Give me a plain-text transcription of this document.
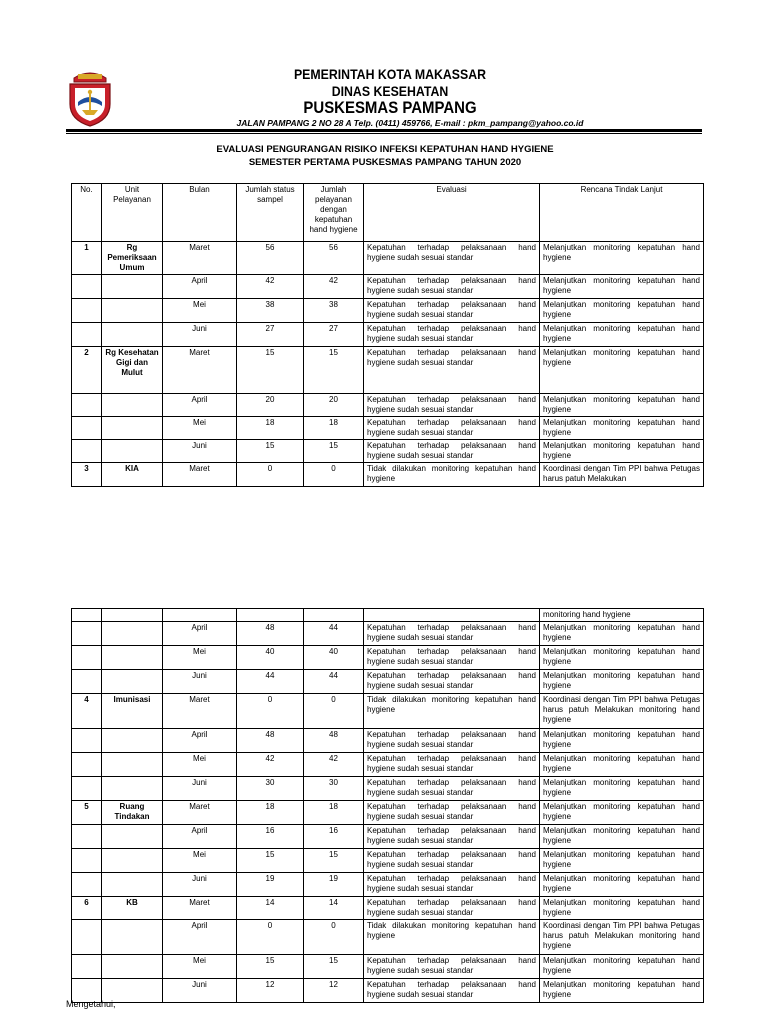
PEMERINTAH KOTA MAKASSAR
DINAS KESEHATAN
PUSKESMAS PAMPANG
JALAN PAMPANG 2 NO 28 A Telp. (0411) 459766, E-mail : pkm_pampang@yahoo.co.id
EVALUASI PENGURANGAN RISIKO INFEKSI KEPATUHAN HAND HYGIENE
SEMESTER PERTAMA PUSKESMAS PAMPANG TAHUN 2020
No.	Unit Pelayanan	Bulan	Jumlah status sampel	Jumlah pelayanan dengan kepatuhan hand hygiene	Evaluasi	Rencana Tindak Lanjut
1	Rg Pemeriksaan Umum	Maret	56	56	Kepatuhan terhadap pelaksanaan hand hygiene sudah sesuai standar	Melanjutkan monitoring kepatuhan hand hygiene
		April	42	42	Kepatuhan terhadap pelaksanaan hand hygiene sudah sesuai standar	Melanjutkan monitoring kepatuhan hand hygiene
		Mei	38	38	Kepatuhan terhadap pelaksanaan hand hygiene sudah sesuai standar	Melanjutkan monitoring kepatuhan hand hygiene
		Juni	27	27	Kepatuhan terhadap pelaksanaan hand hygiene sudah sesuai standar	Melanjutkan monitoring kepatuhan hand hygiene
2	Rg Kesehatan Gigi dan Mulut	Maret	15	15	Kepatuhan terhadap pelaksanaan hand hygiene sudah sesuai standar	Melanjutkan monitoring kepatuhan hand hygiene
		April	20	20	Kepatuhan terhadap pelaksanaan hand hygiene sudah sesuai standar	Melanjutkan monitoring kepatuhan hand hygiene
		Mei	18	18	Kepatuhan terhadap pelaksanaan hand hygiene sudah sesuai standar	Melanjutkan monitoring kepatuhan hand hygiene
		Juni	15	15	Kepatuhan terhadap pelaksanaan hand hygiene sudah sesuai standar	Melanjutkan monitoring kepatuhan hand hygiene
3	KIA	Maret	0	0	Tidak dilakukan monitoring kepatuhan hand hygiene	Koordinasi dengan Tim PPI bahwa Petugas harus patuh Melakukan
						monitoring hand hygiene
		April	48	44	Kepatuhan terhadap pelaksanaan hand hygiene sudah sesuai standar	Melanjutkan monitoring kepatuhan hand hygiene
		Mei	40	40	Kepatuhan terhadap pelaksanaan hand hygiene sudah sesuai standar	Melanjutkan monitoring kepatuhan hand hygiene
		Juni	44	44	Kepatuhan terhadap pelaksanaan hand hygiene sudah sesuai standar	Melanjutkan monitoring kepatuhan hand hygiene
4	Imunisasi	Maret	0	0	Tidak dilakukan monitoring kepatuhan hand hygiene	Koordinasi dengan Tim PPI bahwa Petugas harus patuh Melakukan monitoring hand hygiene
		April	48	48	Kepatuhan terhadap pelaksanaan hand hygiene sudah sesuai standar	Melanjutkan monitoring kepatuhan hand hygiene
		Mei	42	42	Kepatuhan terhadap pelaksanaan hand hygiene sudah sesuai standar	Melanjutkan monitoring kepatuhan hand hygiene
		Juni	30	30	Kepatuhan terhadap pelaksanaan hand hygiene sudah sesuai standar	Melanjutkan monitoring kepatuhan hand hygiene
5	Ruang Tindakan	Maret	18	18	Kepatuhan terhadap pelaksanaan hand hygiene sudah sesuai standar	Melanjutkan monitoring kepatuhan hand hygiene
		April	16	16	Kepatuhan terhadap pelaksanaan hand hygiene sudah sesuai standar	Melanjutkan monitoring kepatuhan hand hygiene
		Mei	15	15	Kepatuhan terhadap pelaksanaan hand hygiene sudah sesuai standar	Melanjutkan monitoring kepatuhan hand hygiene
		Juni	19	19	Kepatuhan terhadap pelaksanaan hand hygiene sudah sesuai standar	Melanjutkan monitoring kepatuhan hand hygiene
6	KB	Maret	14	14	Kepatuhan terhadap pelaksanaan hand hygiene sudah sesuai standar	Melanjutkan monitoring kepatuhan hand hygiene
		April	0	0	Tidak dilakukan monitoring kepatuhan hand hygiene	Koordinasi dengan Tim PPI bahwa Petugas harus patuh Melakukan monitoring hand hygiene
		Mei	15	15	Kepatuhan terhadap pelaksanaan hand hygiene sudah sesuai standar	Melanjutkan monitoring kepatuhan hand hygiene
		Juni	12	12	Kepatuhan terhadap pelaksanaan hand hygiene sudah sesuai standar	Melanjutkan monitoring kepatuhan hand hygiene
Mengetahui,
